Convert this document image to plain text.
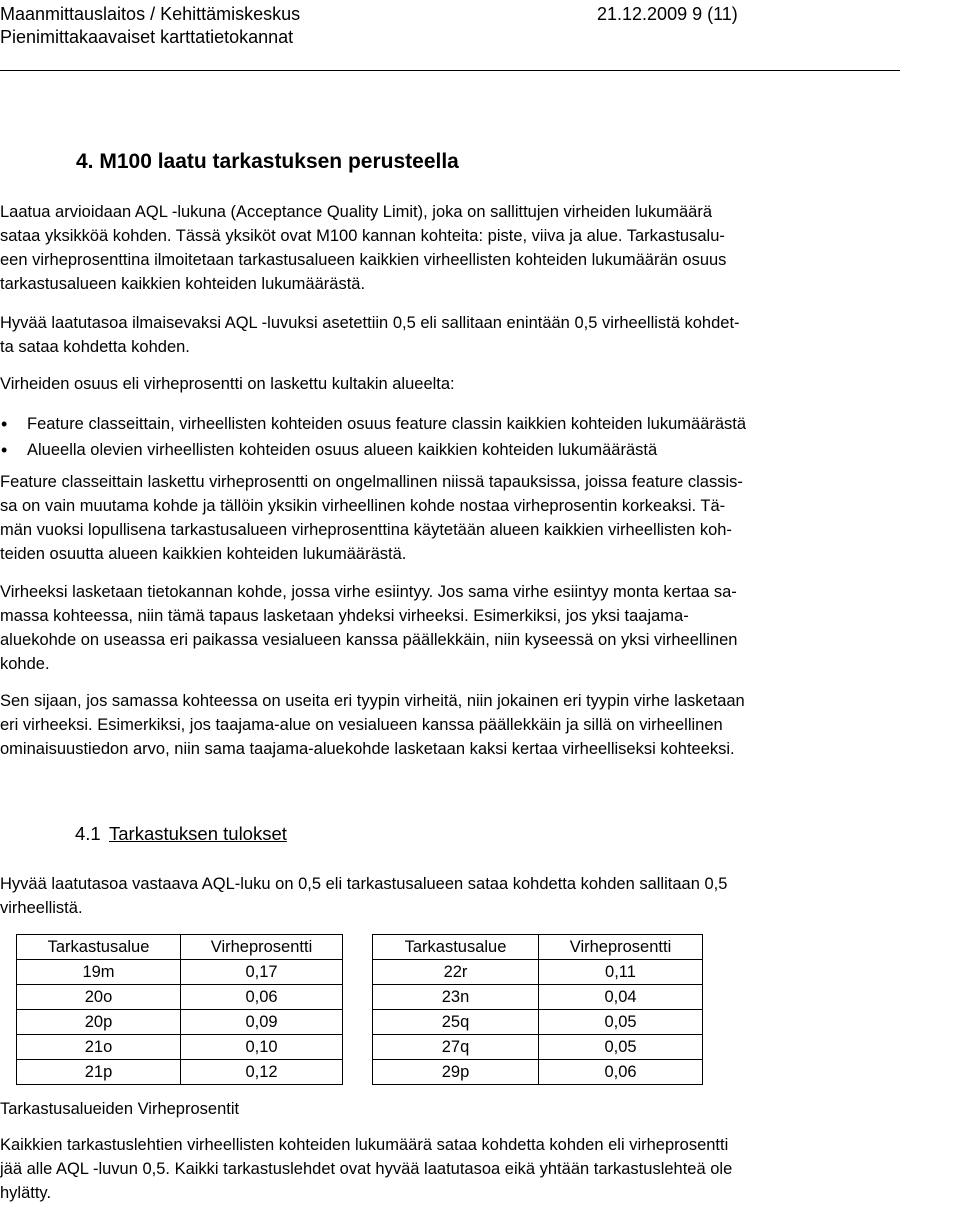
Maanmittauslaitos / Kehittämiskeskus	21.12.2009 9 (11)

Pienimittakaavaiset karttatietokannat

4. M100 laatu tarkastuksen perusteella

Laatua arvioidaan AQL -lukuna (Acceptance Quality Limit), joka on sallittujen virheiden lukumäärä
sataa yksikköä kohden. Tässä yksiköt ovat M100 kannan kohteita: piste, viiva ja alue. Tarkastusalu-
een virheprosenttina ilmoitetaan tarkastusalueen kaikkien virheellisten kohteiden lukumäärän osuus
tarkastusalueen kaikkien kohteiden lukumäärästä.

Hyvää laatutasoa ilmaisevaksi AQL -luvuksi asetettiin 0,5 eli sallitaan enintään 0,5 virheellistä kohdet-
ta sataa kohdetta kohden.

Virheiden osuus eli virheprosentti on laskettu kultakin alueelta:

• Feature classeittain, virheellisten kohteiden osuus feature classin kaikkien kohteiden lukumäärästä
• Alueella olevien virheellisten kohteiden osuus alueen kaikkien kohteiden lukumäärästä

Feature classeittain laskettu virheprosentti on ongelmallinen niissä tapauksissa, joissa feature classis-
sa on vain muutama kohde ja tällöin yksikin virheellinen kohde nostaa virheprosentin korkeaksi. Tä-
män vuoksi lopullisena tarkastusalueen virheprosenttina käytetään alueen kaikkien virheellisten koh-
teiden osuutta alueen kaikkien kohteiden lukumäärästä.

Virheeksi lasketaan tietokannan kohde, jossa virhe esiintyy. Jos sama virhe esiintyy monta kertaa sa-
massa kohteessa, niin tämä tapaus lasketaan yhdeksi virheeksi. Esimerkiksi, jos yksi taajama-
aluekohde on useassa eri paikassa vesialueen kanssa päällekkäin, niin kyseessä on yksi virheellinen
kohde.

Sen sijaan, jos samassa kohteessa on useita eri tyypin virheitä, niin jokainen eri tyypin virhe lasketaan
eri virheeksi. Esimerkiksi, jos taajama-alue on vesialueen kanssa päällekkäin ja sillä on virheellinen
ominaisuustiedon arvo, niin sama taajama-aluekohde lasketaan kaksi kertaa virheelliseksi kohteeksi.

4.1 Tarkastuksen tulokset

Hyvää laatutasoa vastaava AQL-luku on 0,5 eli tarkastusalueen sataa kohdetta kohden sallitaan 0,5
virheellistä.

Tarkastusalue	Virheprosentti		Tarkastusalue	Virheprosentti
19m	0,17		22r	0,11
20o	0,06		23n	0,04
20p	0,09		25q	0,05
21o	0,10		27q	0,05
21p	0,12		29p	0,06

Tarkastusalueiden Virheprosentit

Kaikkien tarkastuslehtien virheellisten kohteiden lukumäärä sataa kohdetta kohden eli virheprosentti
jää alle AQL -luvun 0,5. Kaikki tarkastuslehdet ovat hyvää laatutasoa eikä yhtään tarkastuslehteä ole
hylätty.
